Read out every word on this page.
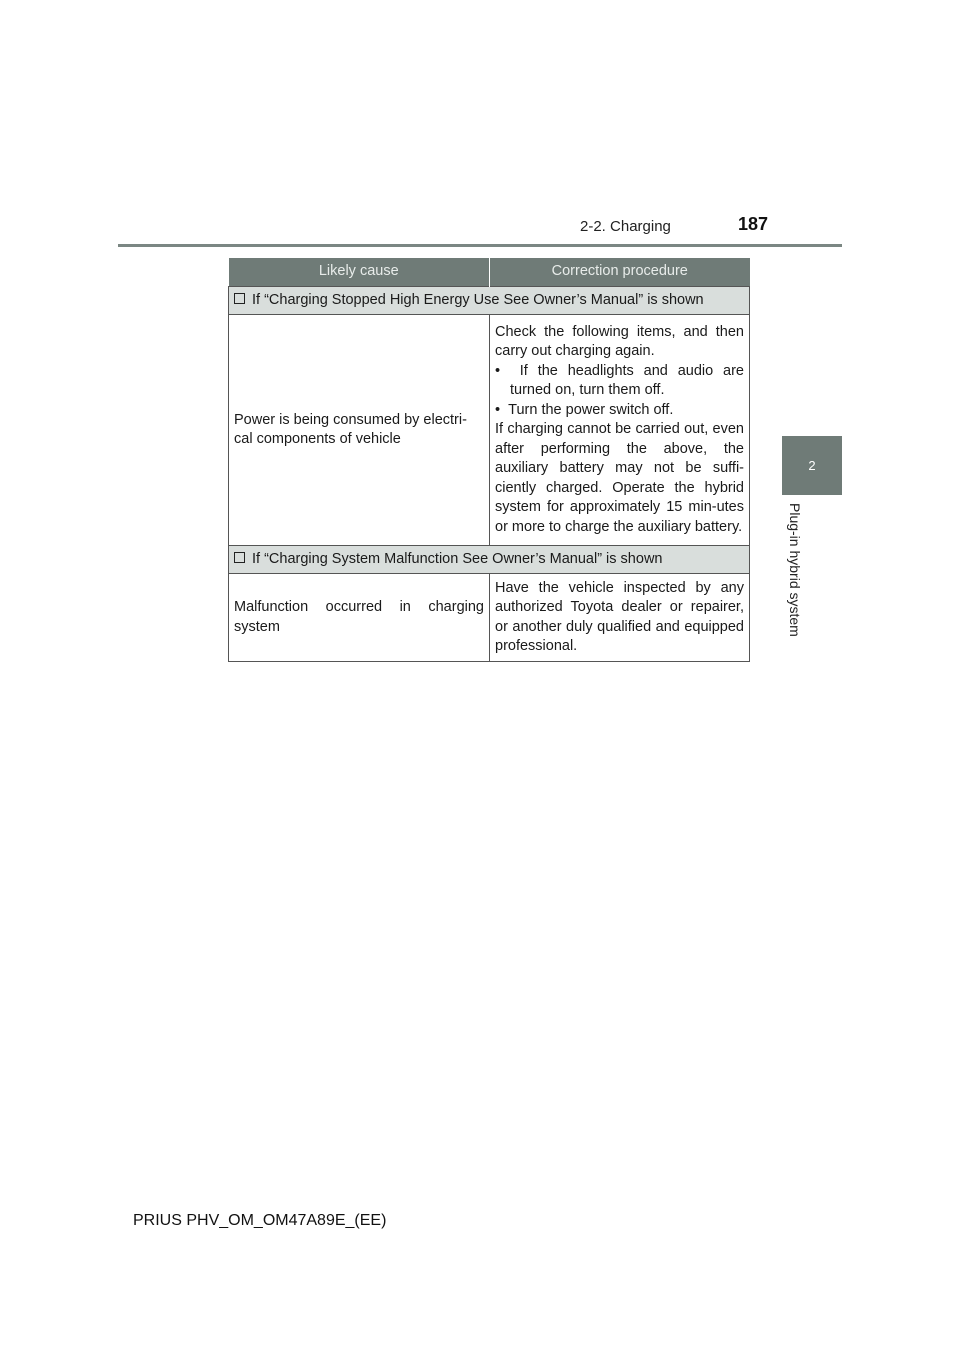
2-2. Charging	187
2
Plug-in hybrid system
Likely cause	Correction procedure
If “Charging Stopped High Energy Use See Owner’s Manual” is shown	
Power is being consumed by electri-cal components of vehicle	Check the following items, and then carry out charging again.
•  If the headlights and audio are turned on, turn them off.
•  Turn the power switch off.
If charging cannot be carried out, even after performing the above, the auxiliary battery may not be suffi-ciently charged. Operate the hybrid system for approximately 15 min-utes or more to charge the auxiliary battery.

If “Charging System Malfunction See Owner’s Manual” is shown	
Malfunction occurred in charging system	Have the vehicle inspected by any authorized Toyota dealer or repairer, or another duly qualified and equipped professional.
PRIUS PHV_OM_OM47A89E_(EE)
